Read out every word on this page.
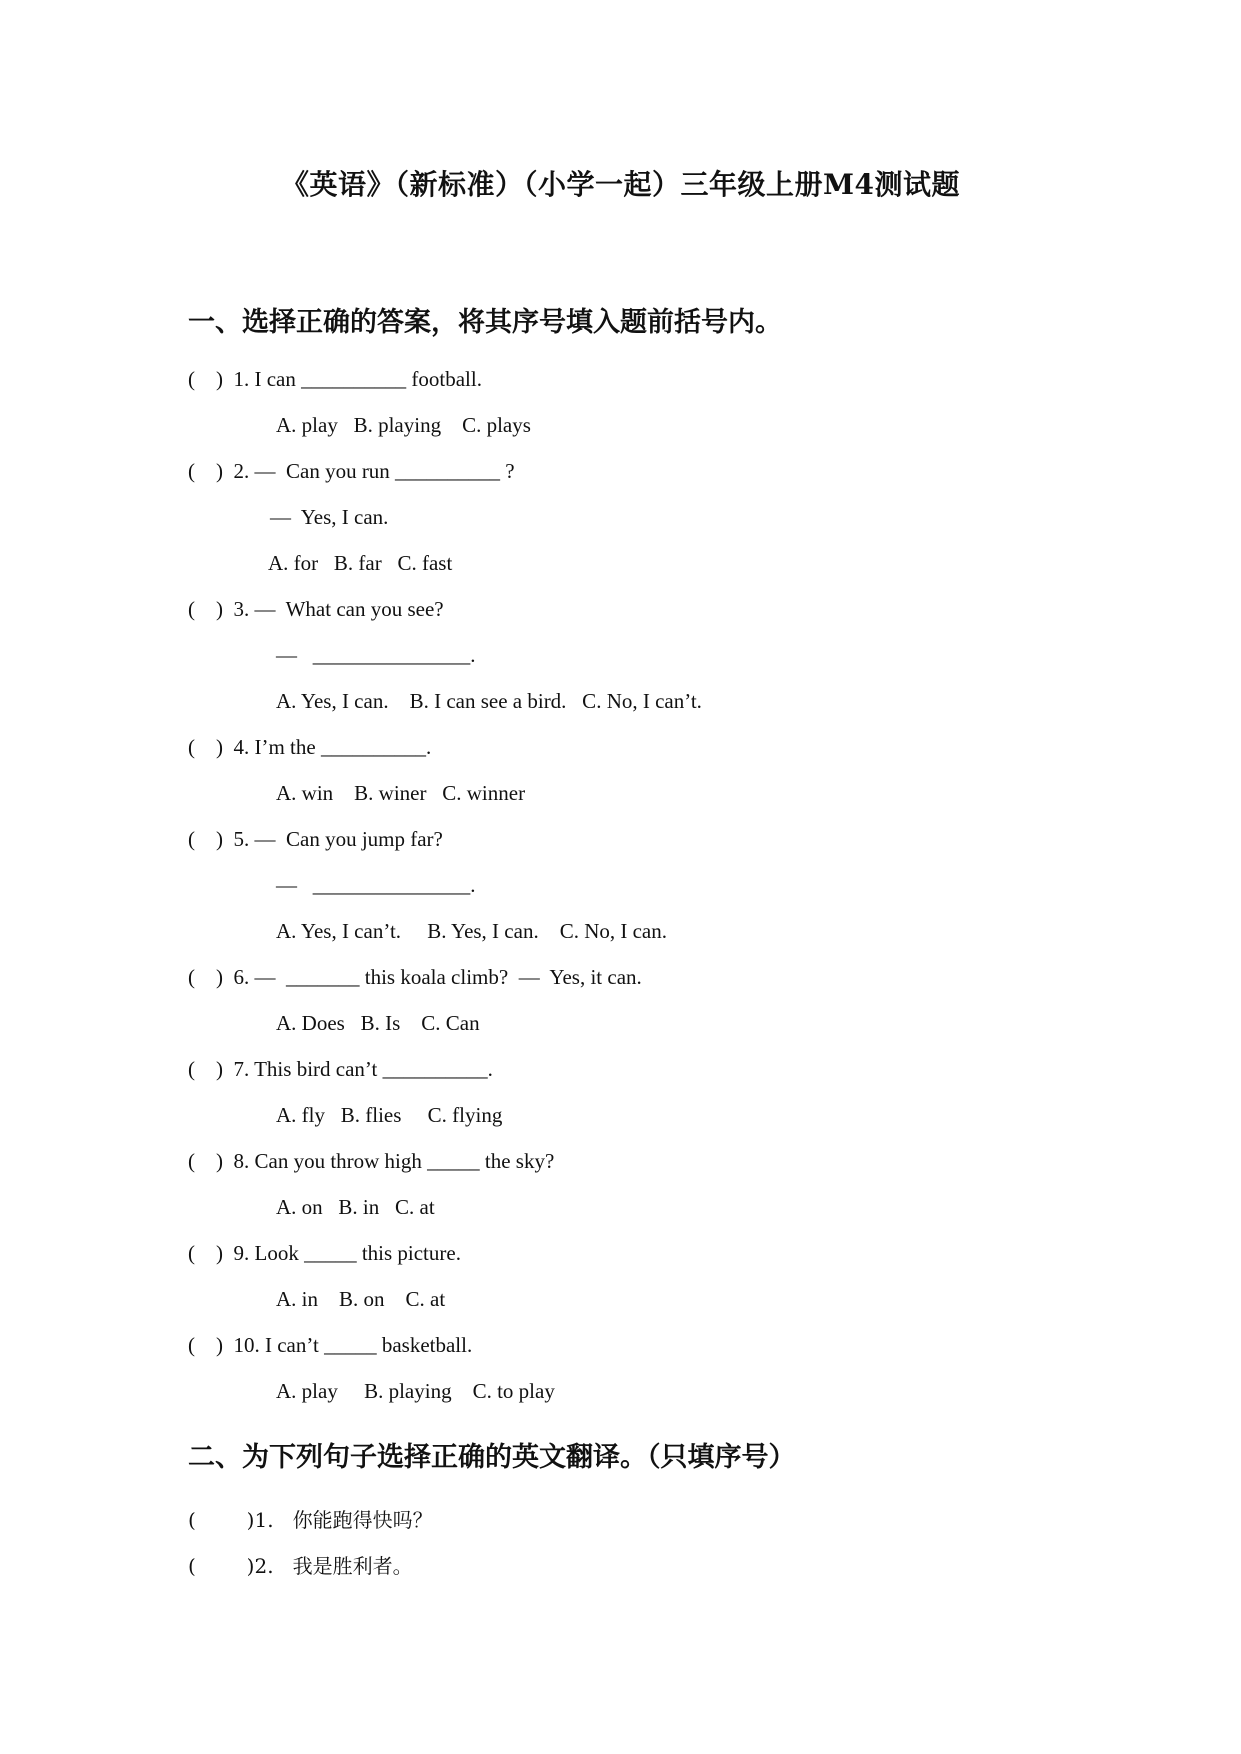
《英语》（新标准）（小学一起）三年级上册M4测试题
一、选择正确的答案，将其序号填入题前括号内。
(    )  1. I can __________ football.
A. play   B. playing    C. plays
(    )  2. —  Can you run __________ ?
—  Yes, I can.
A. for   B. far   C. fast
(    )  3. —  What can you see?
—   _______________.
A. Yes, I can.    B. I can see a bird.   C. No, I can’t.
(    )  4. I’m the __________.
A. win    B. winer   C. winner
(    )  5. —  Can you jump far?
—   _______________.
A. Yes, I can’t.     B. Yes, I can.    C. No, I can.
(    )  6. —  _______ this koala climb?  —  Yes, it can.
A. Does   B. Is    C. Can
(    )  7. This bird can’t __________.
A. fly   B. flies     C. flying
(    )  8. Can you throw high _____ the sky?
A. on   B. in   C. at
(    )  9. Look _____ this picture.
A. in    B. on    C. at
(    )  10. I can’t _____ basketball.
A. play     B. playing    C. to play
二、为下列句子选择正确的英文翻译。（只填序号）
(        )1.   你能跑得快吗？
(        )2.   我是胜利者。
